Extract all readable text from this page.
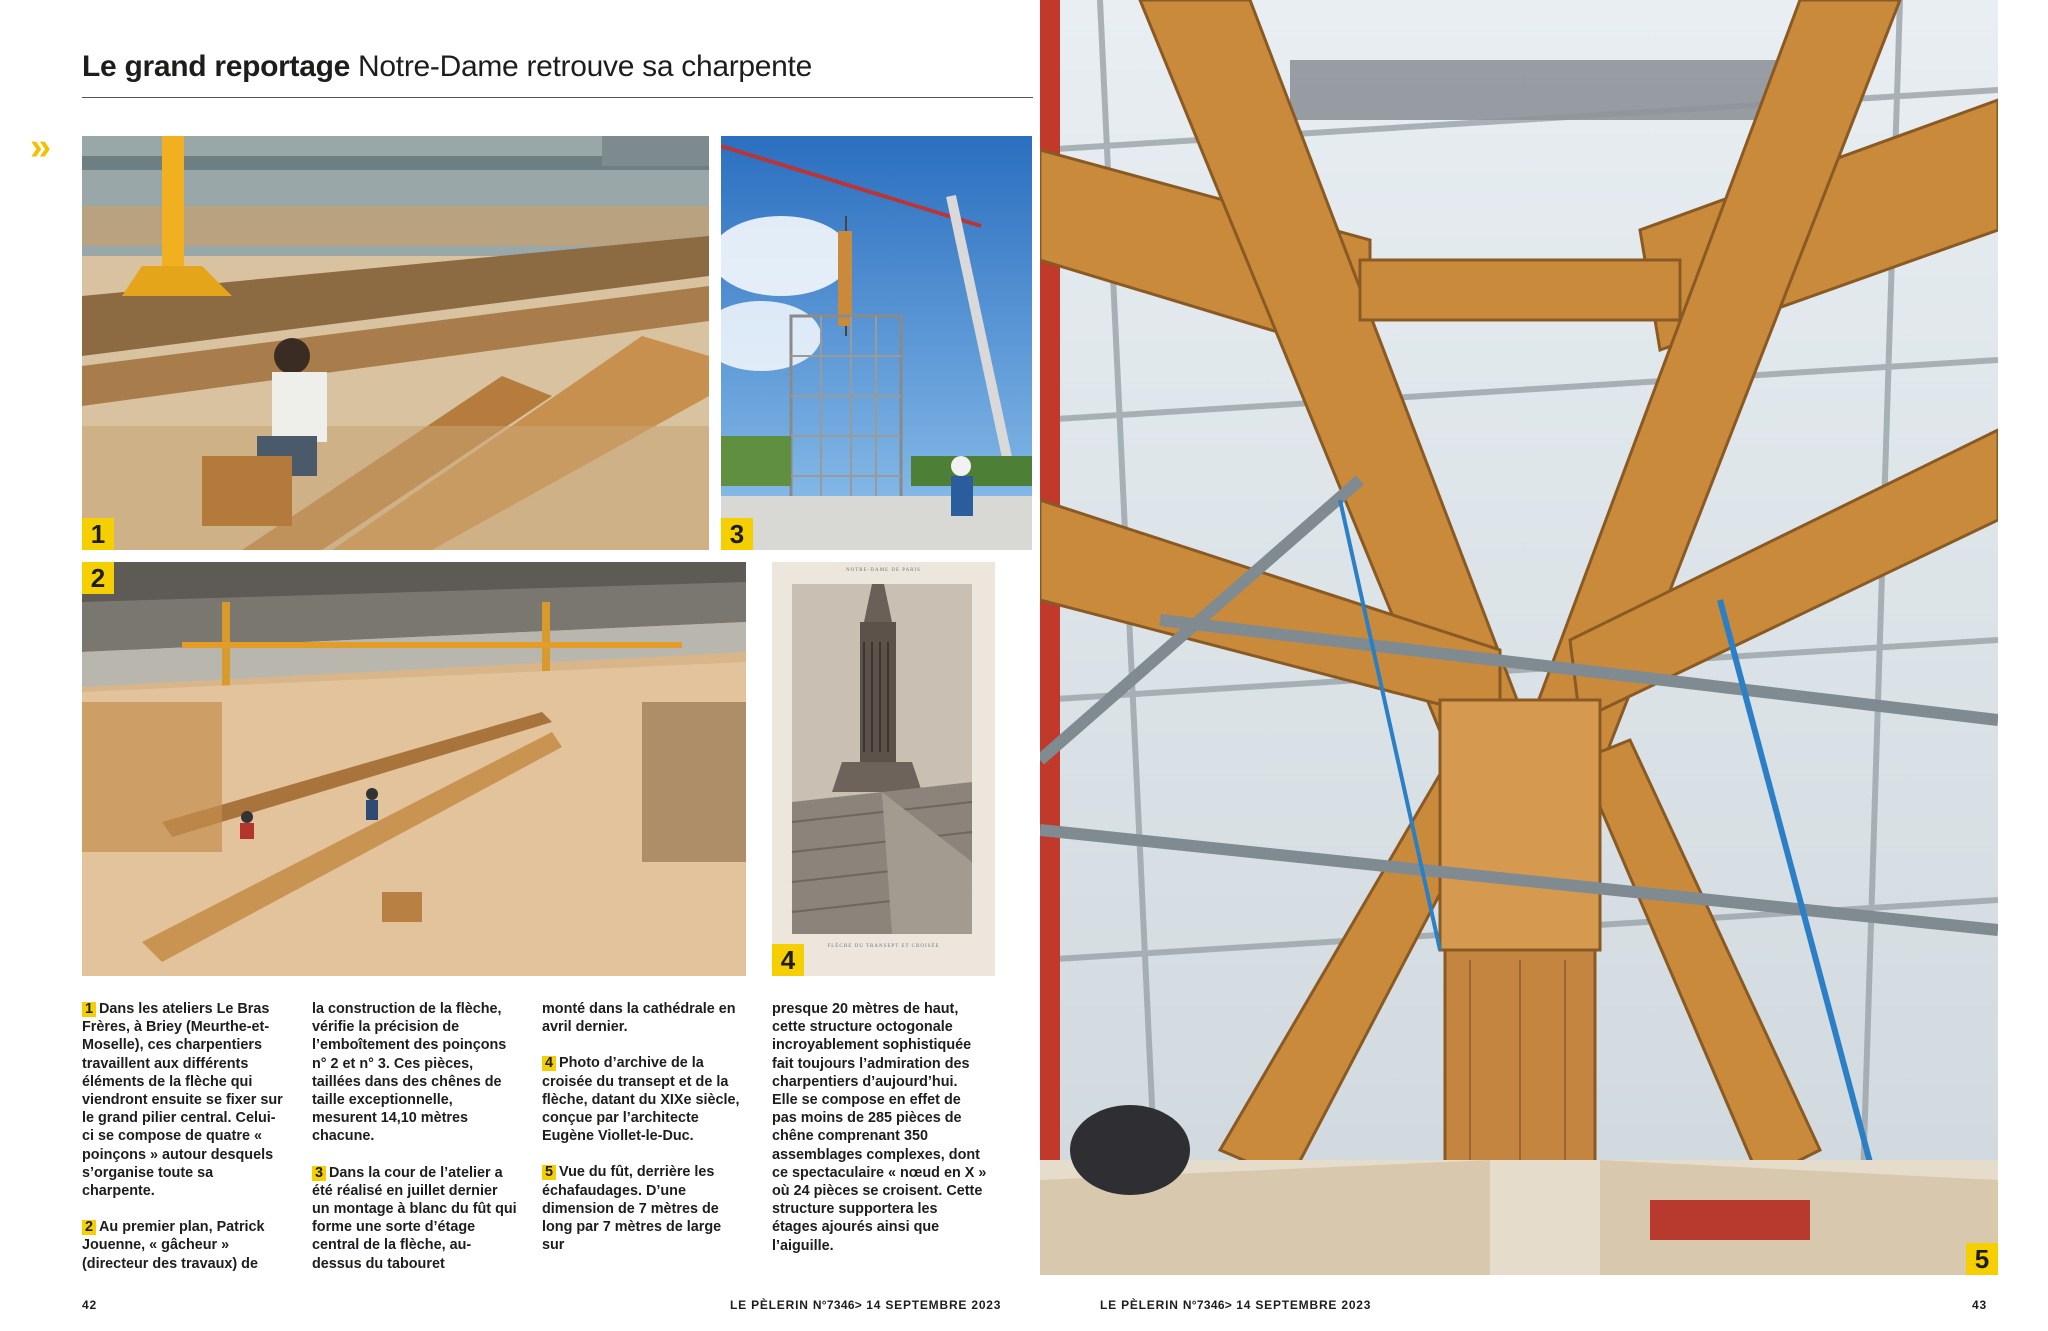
Le grand reportage Notre-Dame retrouve sa charpente
»
1	3
2	NOTRE-DAME DE PARIS
FLÈCHE DU TRANSEPT ET CROISÉE
4
5

1 Dans les ateliers Le Bras Frères, à Briey (Meurthe-et-Moselle), ces charpentiers travaillent aux différents éléments de la flèche qui viendront ensuite se fixer sur le grand pilier central. Celui-ci se compose de quatre « poinçons » autour desquels s’organise toute sa charpente.

2 Au premier plan, Patrick Jouenne, « gâcheur » (directeur des travaux) de

la construction de la flèche, vérifie la précision de l’emboîtement des poinçons n° 2 et n° 3. Ces pièces, taillées dans des chênes de taille exceptionnelle, mesurent 14,10 mètres chacune.

3 Dans la cour de l’atelier a été réalisé en juillet dernier un montage à blanc du fût qui forme une sorte d’étage central de la flèche, au-dessus du tabouret

monté dans la cathédrale en avril dernier.

4 Photo d’archive de la croisée du transept et de la flèche, datant du XIXe siècle, conçue par l’architecte Eugène Viollet-le-Duc.

5 Vue du fût, derrière les échafaudages. D’une dimension de 7 mètres de long par 7 mètres de large sur

presque 20 mètres de haut, cette structure octogonale incroyablement sophistiquée fait toujours l’admiration des charpentiers d’aujourd’hui. Elle se compose en effet de pas moins de 285 pièces de chêne comprenant 350 assemblages complexes, dont ce spectaculaire « nœud en X » où 24 pièces se croisent. Cette structure supportera les étages ajourés ainsi que l’aiguille.

42	LE PÈLERIN N°7346> 14 SEPTEMBRE 2023	LE PÈLERIN N°7346> 14 SEPTEMBRE 2023	43
